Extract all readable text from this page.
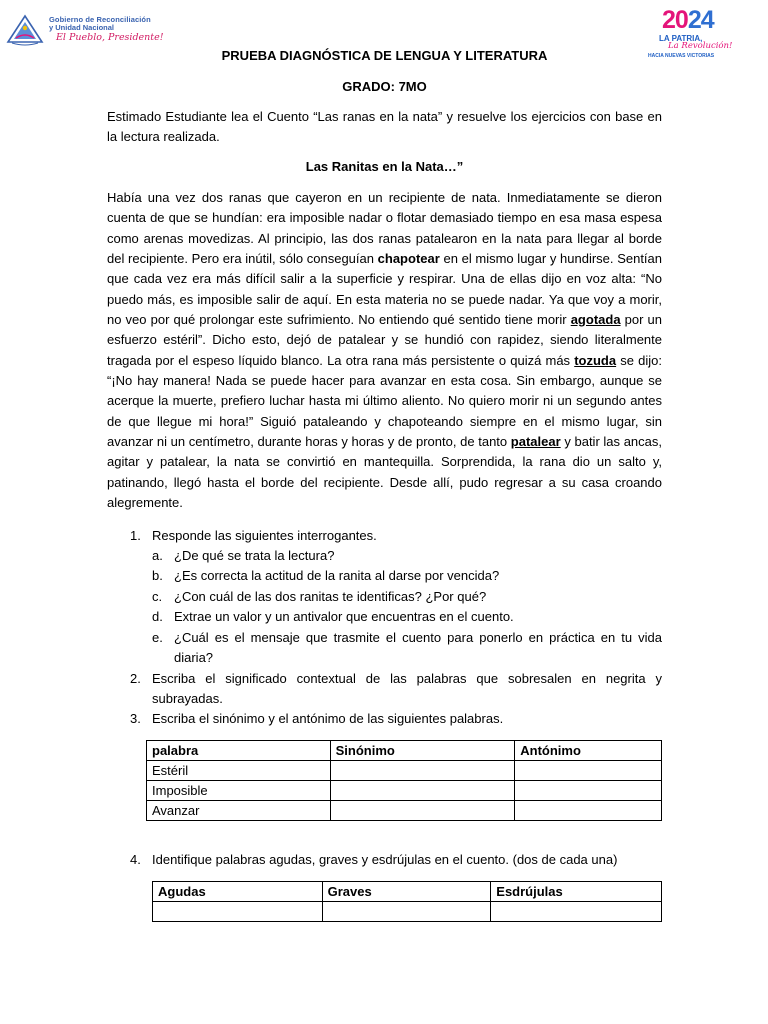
Gobierno de Reconciliación
y Unidad Nacional
El Pueblo, Presidente!
2024
LA PATRIA,
La Revolución!
HACIA NUEVAS VICTORIAS
PRUEBA DIAGNÓSTICA DE LENGUA Y LITERATURA
GRADO: 7MO
Estimado Estudiante lea el Cuento “Las ranas en la nata” y resuelve los ejercicios con base en la lectura realizada.
Las Ranitas en la Nata…”
Había una vez dos ranas que cayeron en un recipiente de nata. Inmediatamente se dieron cuenta de que se hundían: era imposible nadar o flotar demasiado tiempo en esa masa espesa como arenas movedizas. Al principio, las dos ranas patalearon en la nata para llegar al borde del recipiente. Pero era inútil, sólo conseguían chapotear en el mismo lugar y hundirse. Sentían que cada vez era más difícil salir a la superficie y respirar. Una de ellas dijo en voz alta: “No puedo más, es imposible salir de aquí. En esta materia no se puede nadar. Ya que voy a morir, no veo por qué prolongar este sufrimiento. No entiendo qué sentido tiene morir agotada por un esfuerzo estéril”. Dicho esto, dejó de patalear y se hundió con rapidez, siendo literalmente tragada por el espeso líquido blanco. La otra rana más persistente o quizá más tozuda se dijo: “¡No hay manera! Nada se puede hacer para avanzar en esta cosa. Sin embargo, aunque se acerque la muerte, prefiero luchar hasta mi último aliento. No quiero morir ni un segundo antes de que llegue mi hora!” Siguió pataleando y chapoteando siempre en el mismo lugar, sin avanzar ni un centímetro, durante horas y horas y de pronto, de tanto patalear y batir las ancas, agitar y patalear, la nata se convirtió en mantequilla. Sorprendida, la rana dio un salto y, patinando, llegó hasta el borde del recipiente. Desde allí, pudo regresar a su casa croando alegremente.
1. Responde las siguientes interrogantes.
a. ¿De qué se trata la lectura?
b. ¿Es correcta la actitud de la ranita al darse por vencida?
c. ¿Con cuál de las dos ranitas te identificas? ¿Por qué?
d. Extrae un valor y un antivalor que encuentras en el cuento.
e. ¿Cuál es el mensaje que trasmite el cuento para ponerlo en práctica en tu vida diaria?
2. Escriba el significado contextual de las palabras que sobresalen en negrita y subrayadas.
3. Escriba el sinónimo y el antónimo de las siguientes palabras.
palabra	Sinónimo	Antónimo
Estéril		
Imposible		
Avanzar		
4. Identifique palabras agudas, graves y esdrújulas en el cuento. (dos de cada una)
Agudas	Graves	Esdrújulas
